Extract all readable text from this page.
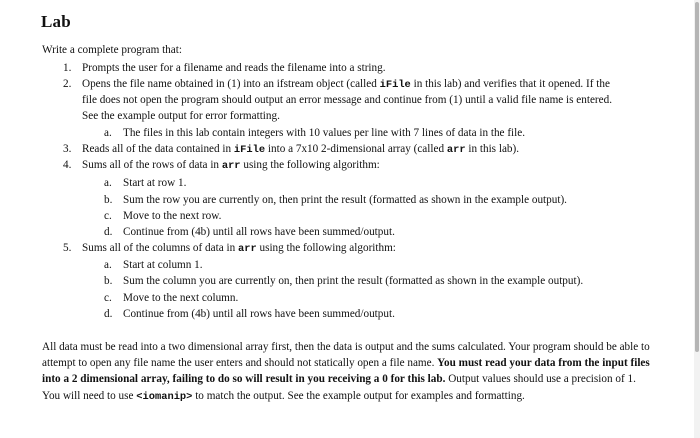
Lab
Write a complete program that:
1. Prompts the user for a filename and reads the filename into a string.
2. Opens the file name obtained in (1) into an ifstream object (called iFile in this lab) and verifies that it opened. If the
file does not open the program should output an error message and continue from (1) until a valid file name is entered.
See the example output for error formatting.
a. The files in this lab contain integers with 10 values per line with 7 lines of data in the file.
3. Reads all of the data contained in iFile into a 7x10 2-dimensional array (called arr in this lab).
4. Sums all of the rows of data in arr using the following algorithm:
a. Start at row 1.
b. Sum the row you are currently on, then print the result (formatted as shown in the example output).
c. Move to the next row.
d. Continue from (4b) until all rows have been summed/output.
5. Sums all of the columns of data in arr using the following algorithm:
a. Start at column 1.
b. Sum the column you are currently on, then print the result (formatted as shown in the example output).
c. Move to the next column.
d. Continue from (4b) until all rows have been summed/output.
All data must be read into a two dimensional array first, then the data is output and the sums calculated. Your program should be able to attempt to open any file name the user enters and should not statically open a file name. You must read your data from the input files into a 2 dimensional array, failing to do so will result in you receiving a 0 for this lab. Output values should use a precision of 1. You will need to use <iomanip> to match the output. See the example output for examples and formatting.
